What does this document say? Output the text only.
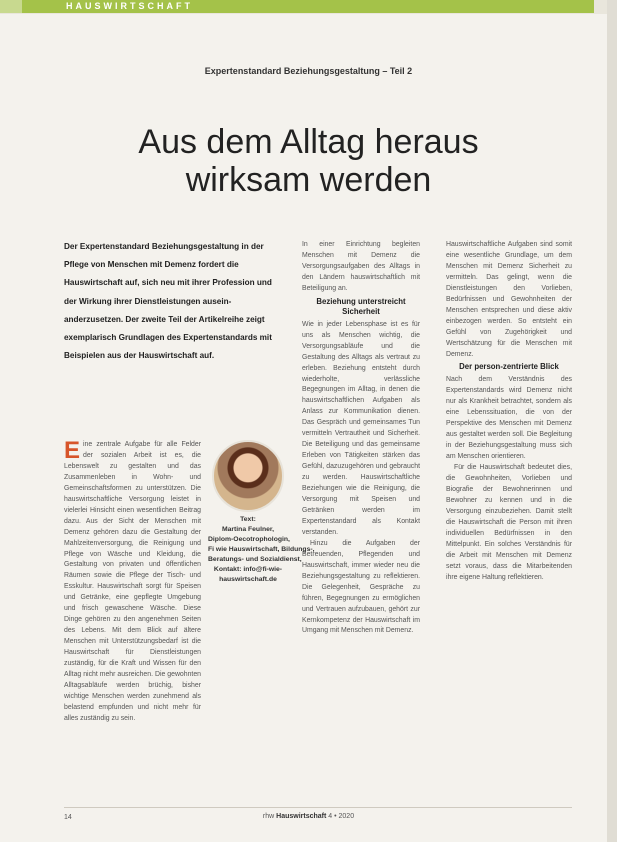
HAUSWIRTSCHAFT
Expertenstandard Beziehungsgestaltung – Teil 2
Aus dem Alltag heraus
wirksam werden
Der Expertenstandard Beziehungsgestaltung in der Pflege von Menschen mit Demenz fordert die Hauswirtschaft auf, sich neu mit ihrer Profession und der Wirkung ihrer Dienstleistungen auseinanderzusetzen. Der zweite Teil der Artikelreihe zeigt exemplarisch Grundlagen des Expertenstandards mit Beispielen aus der Hauswirtschaft auf.
E ine zentrale Aufgabe für alle Felder der sozialen Arbeit ist es, die Lebenswelt zu gestalten und das Zusammenleben in Wohn- und Gemeinschaftsformen zu unterstützen. Die hauswirtschaftliche Versorgung leistet in vielerlei Hinsicht einen wesentlichen Beitrag dazu. Aus der Sicht der Menschen mit Demenz gehören dazu die Gestaltung der Mahlzeitenversorgung, die Reinigung und Pflege von Wäsche und Kleidung, die Gestaltung von privaten und öffentlichen Räumen sowie die Pflege der Tisch- und Esskultur. Hauswirtschaft sorgt für Speisen und Getränke, eine gepflegte Umgebung und frisch gewaschene Wäsche. Diese Dinge gehören zu den angenehmen Seiten des Lebens. Mit dem Blick auf ältere Menschen mit Unterstützungsbedarf ist die Hauswirtschaft für Dienstleistungen zuständig, für die Kraft und Wissen für den Alltag nicht mehr ausreichen. Die gewohnten Alltagsabläufe werden brüchig, bisher wichtige Menschen werden zunehmend als belastend empfunden und nicht mehr für alles zuständig zu sein.

Text:
Martina Feulner,
Diplom-Oecotrophologin,
Fi wie Hauswirtschaft, Bildungs-,
Beratungs- und Sozialdienst,
Kontakt: info@fi-wie-
hauswirtschaft.de

In einer Einrichtung begleiten Menschen mit Demenz die Versorgungsaufgaben des Alltags in den Ländern hauswirtschaftlich mit Beteiligung an.

Beziehung unterstreicht Sicherheit

Wie in jeder Lebensphase ist es für uns als Menschen wichtig, die Versorgungsabläufe und die Gestaltung des Alltags als vertraut zu erleben. Beziehung entsteht durch wiederholte, verlässliche Begegnungen im Alltag, in denen die hauswirtschaftlichen Aufgaben als Anlass zur Kommunikation dienen. Das Gespräch und gemeinsames Tun vermitteln Vertrautheit und Sicherheit. Die Beteiligung und das gemeinsame Erleben von Tätigkeiten stärken das Gefühl, dazuzugehören und gebraucht zu werden. Hauswirtschaftliche Beziehungen wie die Reinigung, die Versorgung mit Speisen und Getränken werden im Expertenstandard als Kontakt verstanden.

Hinzu die Aufgaben der Betreuenden, Pflegenden und Hauswirtschaft, immer wieder neu die Beziehungsgestaltung zu reflektieren. Die Gelegenheit, Gespräche zu führen, Begegnungen zu ermöglichen und Vertrauen aufzubauen, gehört zur Kernkompetenz der Hauswirtschaft im Umgang mit Menschen mit Demenz.

Hauswirtschaftliche Aufgaben sind somit eine wesentliche Grundlage, um dem Menschen mit Demenz Sicherheit zu vermitteln. Das gelingt, wenn die Dienstleistungen den Vorlieben, Bedürfnissen und Gewohnheiten der Menschen entsprechen und diese aktiv einbezogen werden. So entsteht ein Gefühl von Zugehörigkeit und Wertschätzung für die Menschen mit Demenz.

Der person-zentrierte Blick

Nach dem Verständnis des Expertenstandards wird Demenz nicht nur als Krankheit betrachtet, sondern als eine Lebenssituation, die von der Perspektive des Menschen mit Demenz aus gestaltet werden soll. Die Begleitung in der Beziehungsgestaltung muss sich am Menschen orientieren.

Für die Hauswirtschaft bedeutet dies, die Gewohnheiten, Vorlieben und Biografie der Bewohnerinnen und Bewohner zu kennen und in die Versorgung einzubeziehen. Damit stellt die Hauswirtschaft die Person mit ihren individuellen Bedürfnissen in den Mittelpunkt. Ein solches Verständnis für die Arbeit mit Menschen mit Demenz setzt voraus, dass die Mitarbeitenden ihre eigene Haltung reflektieren.

14	rhw Hauswirtschaft 4 • 2020
